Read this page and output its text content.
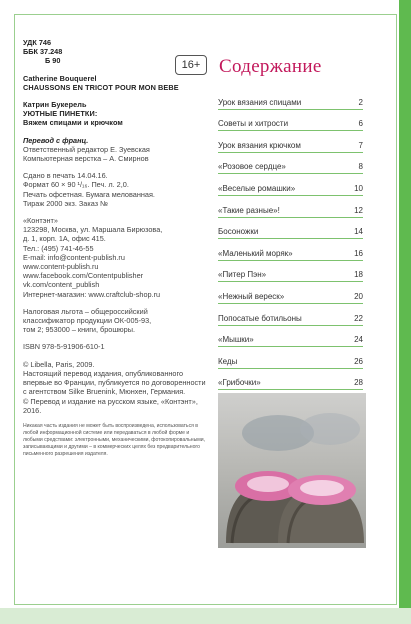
УДК 746

ББК 37.248

Б 90

Catherine Bouquerel

CHAUSSONS EN TRICOT POUR MON BEBE

Катрин Букерель

УЮТНЫЕ ПИНЕТКИ:

Вяжем спицами и крючком

Перевод с франц.

Ответственный редактор Е. Зуевская

Компьютерная верстка – А. Смирнов

Сдано в печать 14.04.16.

Формат 60 × 90 ¹/₁₆. Печ. л. 2,0.

Печать офсетная. Бумага мелованная.

Тираж 2000 экз. Заказ №

«Контэнт»

123298, Москва, ул. Маршала Бирюзова,

д. 1, корп. 1А, офис 415.

Тел.: (495) 741-46-55

E-mail: info@content-publish.ru

www.content-publish.ru

www.facebook.com/Contentpublisher

vk.com/content_publish

Интернет-магазин: www.craftclub-shop.ru

Налоговая льгота – общероссийский

классификатор продукции ОК-005-93,

том 2; 953000 – книги, брошюры.

ISBN 978-5-91906-610-1

© Libella, Paris, 2009.

Настоящий перевод издания, опубликованного впервые во Франции, публикуется по договоренности с агентством Silke Bruenink, Мюнхен, Германия.

© Перевод и издание на русском языке, «Контэнт», 2016.

Никакая часть издания не может быть воспроизведена, использоваться в любой информационной системе или передаваться в любой форме и любыми средствами: электронными, механическими, фотокопировальными, записывающими и другими – в коммерческих целях без предварительного письменного разрешения издателя.

16+ Содержание
Урок вязания спицами	2
Советы и хитрости	6
Урок вязания крючком	7
«Розовое сердце»	8
«Веселые ромашки»	10
«Такие разные»!	12
Босоножки	14
«Маленький моряк»	16
«Питер Пэн»	18
«Нежный вереск»	20
Попосатые ботильоны	22
«Мышки»	24
Кеды	26
«Грибочки»	28
